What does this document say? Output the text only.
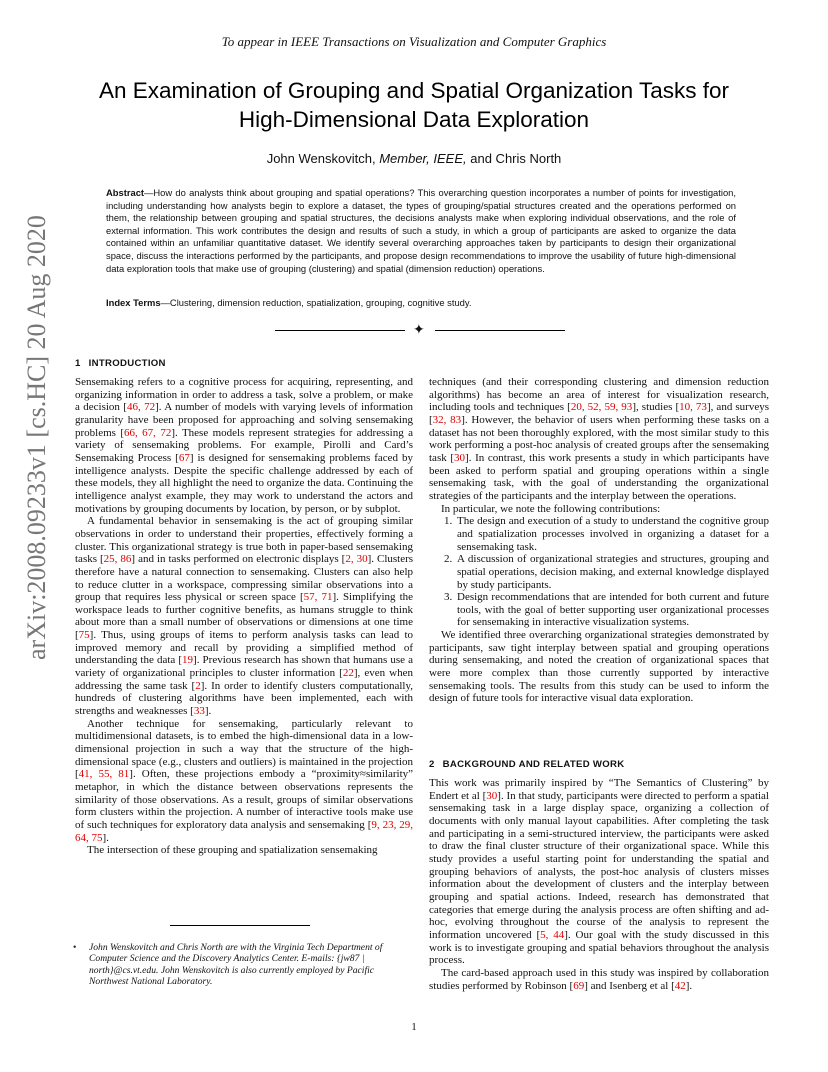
To appear in IEEE Transactions on Visualization and Computer Graphics
An Examination of Grouping and Spatial Organization Tasks for
High-Dimensional Data Exploration
John Wenskovitch, Member, IEEE, and Chris North
Abstract—How do analysts think about grouping and spatial operations? This overarching question incorporates a number of points for investigation, including understanding how analysts begin to explore a dataset, the types of grouping/spatial structures created and the operations performed on them, the relationship between grouping and spatial structures, the decisions analysts make when exploring individual observations, and the role of external information. This work contributes the design and results of such a study, in which a group of participants are asked to organize the data contained within an unfamiliar quantitative dataset. We identify several overarching approaches taken by participants to design their organizational space, discuss the interactions performed by the participants, and propose design recommendations to improve the usability of future high-dimensional data exploration tools that make use of grouping (clustering) and spatial (dimension reduction) operations.
Index Terms—Clustering, dimension reduction, spatialization, grouping, cognitive study.
✦
arXiv:2008.09233v1 [cs.HC] 20 Aug 2020	1 INTRODUCTION

Sensemaking refers to a cognitive process for acquiring, representing, and organizing information in order to address a task, solve a problem, or make a decision [ 46, 72 ] . A number of models with varying levels of information granularity have been proposed for approaching and solving sensemaking problems [ 66, 67, 72 ] . These models represent strategies for addressing a variety of sensemaking problems. For example, Pirolli and Card’s Sensemaking Process [ 67 ] is designed for sensemaking problems faced by intelligence analysts. Despite the specific challenge addressed by each of these models, they all highlight the need to organize the data. Continuing the intelligence analyst example, they may work to understand the actors and motivations by grouping documents by location, by person, or by subplot.

A fundamental behavior in sensemaking is the act of grouping similar observations in order to understand their properties, effectively forming a cluster. This organizational strategy is true both in paper-based sensemaking tasks [ 25, 86 ] and in tasks performed on electronic displays [ 2, 30 ] . Clusters therefore have a natural connection to sensemaking. Clusters can also help to reduce clutter in a workspace, compressing similar observations into a group that requires less physical or screen space [ 57, 71 ] . Simplifying the workspace leads to further cognitive benefits, as humans struggle to think about more than a small number of observations or dimensions at one time [ 75 ] . Thus, using groups of items to perform analysis tasks can lead to improved memory and recall by providing a simplified method of understanding the data [ 19 ] . Previous research has shown that humans use a variety of organizational principles to cluster information [ 22 ] , even when addressing the same task [ 2 ] . In order to identify clusters computationally, hundreds of clustering algorithms have been implemented, each with strengths and weaknesses [ 33 ] .

Another technique for sensemaking, particularly relevant to multidimensional datasets, is to embed the high-dimensional data in a low-dimensional projection in such a way that the structure of the high-dimensional space (e.g., clusters and outliers) is maintained in the projection [ 41, 55, 81 ] . Often, these projections embody a “proximity≈similarity” metaphor, in which the distance between observations represents the similarity of those observations. As a result, groups of similar observations form clusters within the projection. A number of interactive tools make use of such techniques for exploratory data analysis and sensemaking [ 9, 23, 29, 64, 75 ] .

The intersection of these grouping and spatialization sensemaking

•	John Wenskovitch and Chris North are with the Virginia Tech Department of Computer Science and the Discovery Analytics Center. E-mails: {jw87 | north}@cs.vt.edu. John Wenskovitch is also currently employed by Pacific Northwest National Laboratory.

techniques (and their corresponding clustering and dimension reduction algorithms) has become an area of interest for visualization research, including tools and techniques [ 20, 52, 59, 93 ] , studies [ 10, 73 ] , and surveys [ 32, 83 ] . However, the behavior of users when performing these tasks on a dataset has not been thoroughly explored, with the most similar study to this work performing a post-hoc analysis of created groups after the sensemaking task [ 30 ] . In contrast, this work presents a study in which participants have been asked to perform spatial and grouping operations within a single sensemaking task, with the goal of understanding the organizational strategies of the participants and the interplay between the operations.

In particular, we note the following contributions:

1. The design and execution of a study to understand the cognitive group and spatialization processes involved in organizing a dataset for a sensemaking task.
2. A discussion of organizational strategies and structures, grouping and spatial operations, decision making, and external knowledge displayed by study participants.
3. Design recommendations that are intended for both current and future tools, with the goal of better supporting user organizational processes for sensemaking in interactive visualization systems.

We identified three overarching organizational strategies demonstrated by participants, saw tight interplay between spatial and grouping operations during sensemaking, and noted the creation of organizational spaces that were more complex than those currently supported by interactive sensemaking tools. The results from this study can be used to inform the design of future tools for interactive visual data exploration.

2 BACKGROUND AND RELATED WORK

This work was primarily inspired by “The Semantics of Clustering” by Endert et al [ 30 ] . In that study, participants were directed to perform a spatial sensemaking task in a large display space, organizing a collection of documents with only manual layout capabilities. After completing the task and participating in a semi-structured interview, the participants were asked to draw the final cluster structure of their organizational space. While this study provides a useful starting point for understanding the spatial and grouping behaviors of analysts, the post-hoc analysis of clusters misses information about the development of clusters and the interplay between grouping and spatial actions. Indeed, research has demonstrated that categories that emerge during the analysis process are often shifting and ad-hoc, evolving throughout the course of the analysis to represent the information uncovered [ 5, 44 ] . Our goal with the study discussed in this work is to investigate grouping and spatial behaviors throughout the analysis process.

The card-based approach used in this study was inspired by collaboration studies performed by Robinson [ 69 ] and Isenberg et al [ 42 ] .

1
